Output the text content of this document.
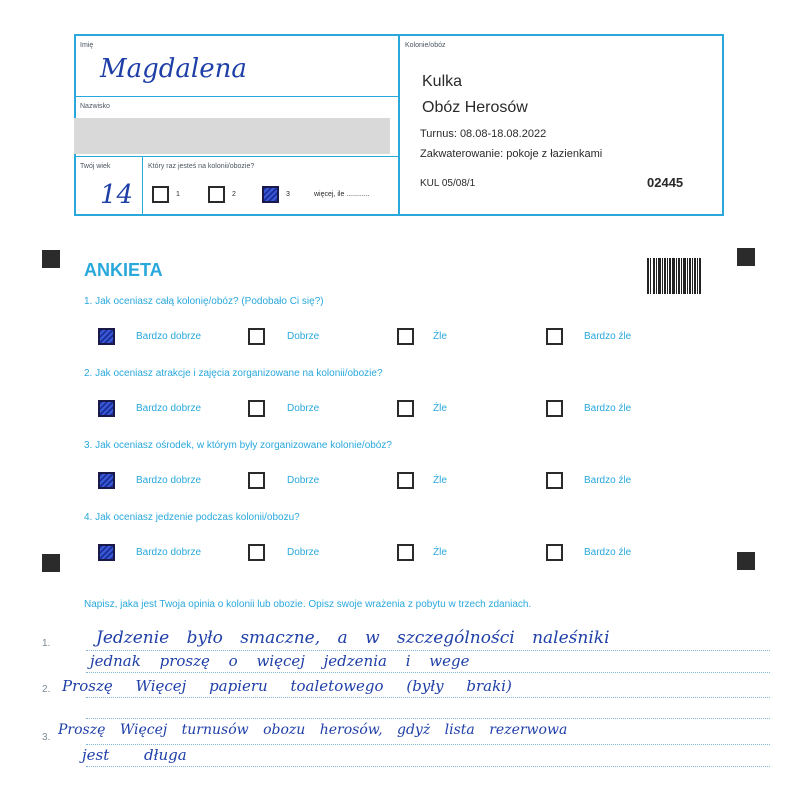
Imię
Magdalena
Nazwisko
Twój wiek
14
Który raz jesteś na kolonii/obozie?
1	2	3	więcej, ile ............
Kolonie/obóz
Kulka
Obóz Herosów
Turnus: 08.08-18.08.2022
Zakwaterowanie: pokoje z łazienkami
KUL 05/08/1	02445
ANKIETA
1. Jak oceniasz całą kolonię/obóz? (Podobało Ci się?)
Bardzo dobrze	Dobrze	Źle	Bardzo źle
2. Jak oceniasz atrakcje i zajęcia zorganizowane na kolonii/obozie?
Bardzo dobrze	Dobrze	Źle	Bardzo źle
3. Jak oceniasz ośrodek, w którym były zorganizowane kolonie/obóz?
Bardzo dobrze	Dobrze	Źle	Bardzo źle
4. Jak oceniasz jedzenie podczas kolonii/obozu?
Bardzo dobrze	Dobrze	Źle	Bardzo źle
Napisz, jaka jest Twoja opinia o kolonii lub obozie. Opisz swoje wrażenia z pobytu w trzech zdaniach.
1.
2.
3.
Jedzenie było smaczne, a w szczególności naleśniki
jednak proszę o więcej jedzenia i wege
Proszę Więcej papieru toaletowego (były braki)
Proszę Więcej turnusów obozu herosów, gdyż lista rezerwowa
jest długa
